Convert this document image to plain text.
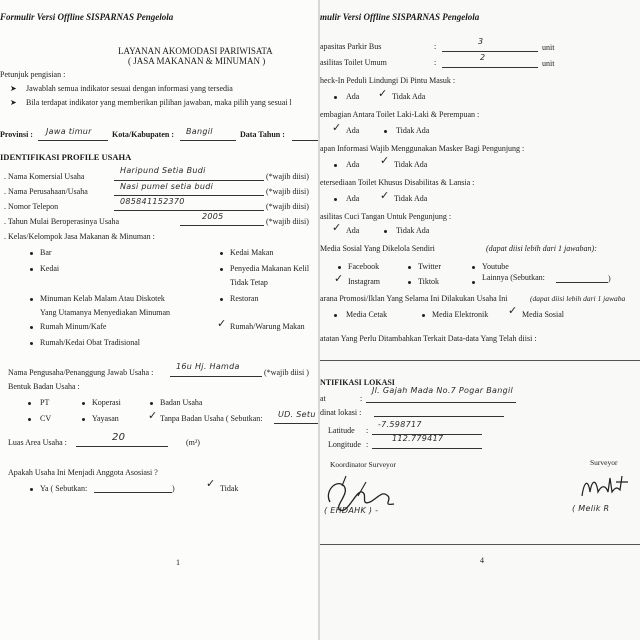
Formulir Versi Offline SISPARNAS Pengelola
LAYANAN AKOMODASI PARIWISATA
( JASA MAKANAN & MINUMAN )
Petunjuk pengisian :
➤ Jawablah semua indikator sesuai dengan informasi yang tersedia
➤ Bila terdapat indikator yang memberikan pilihan jawaban, maka pilih yang sesuai l
Provinsi : Jawa timur	Kota/Kabupaten : Bangil	Data Tahun :
IDENTIFIKASI PROFILE USAHA
. Nama Komersial Usaha
Haripund Setia Budi
(*wajib diisi)
. Nama Perusahaan/Usaha
Nasi pumel setia budi
(*wajib diisi)
. Nomor Telepon
085841152370
(*wajib diisi)
. Tahun Mulai Beroperasinya Usaha
2005
(*wajib diisi)
. Kelas/Kelompok Jasa Makanan & Minuman :
Bar
Kedai
Minuman Kelab Malam Atau Diskotek
Yang Utamanya Menyediakan Minuman
Rumah Minum/Kafe
Rumah/Kedai Obat Tradisional
Kedai Makan
Penyedia Makanan Kelil
Tidak Tetap
Restoran
✓ Rumah/Warung Makan
Nama Pengusaha/Penanggung Jawab Usaha :
16u Hj. Hamda
(*wajib diisi )
Bentuk Badan Usaha :
PT	Koperasi	Badan Usaha
CV	Yayasan	✓ Tanpa Badan Usaha ( Sebutkan: UD. Setu
Luas Area Usaha :	20	(m²)
Apakah Usaha Ini Menjadi Anggota Asosiasi ?
Ya ( Sebutkan:	)	✓ Tidak
1
mulir Versi Offline SISPARNAS Pengelola
apasitas Parkir Bus	:
3
unit
asilitas Toilet Umum	:
2
unit
heck-In Peduli Lindungi Di Pintu Masuk :
Ada ✓ Tidak Ada
embagian Antara Toilet Laki-Laki & Perempuan :
✓ Ada	Tidak Ada
apan Informasi Wajib Menggunakan Masker Bagi Pengunjung :
Ada ✓ Tidak Ada
etersediaan Toilet Khusus Disabilitas & Lansia :
Ada ✓ Tidak Ada
asilitas Cuci Tangan Untuk Pengunjung :
✓ Ada	Tidak Ada
Media Sosial Yang Dikelola Sendiri	(dapat diisi lebih dari 1 jawaban):
Facebook	Twitter	Youtube
✓ Instagram	Tiktok	Lainnya (Sebutkan:	)
arana Promosi/Iklan Yang Selama Ini Dilakukan Usaha Ini	(dapat diisi lebih dari 1 jawaba
Media Cetak	Media Elektronik ✓ Media Sosial
atatan Yang Perlu Ditambahkan Terkait Data-data Yang Telah diisi :
NTIFIKASI LOKASI
at	:
Jl. Gajah Mada No.7 Pogar Bangil
dinat lokasi :
Latitude :
-7.598717
Longitude :
112.779417
Koordinator Surveyor
( EHDAHK ) -
Surveyor
( Melik R
4
